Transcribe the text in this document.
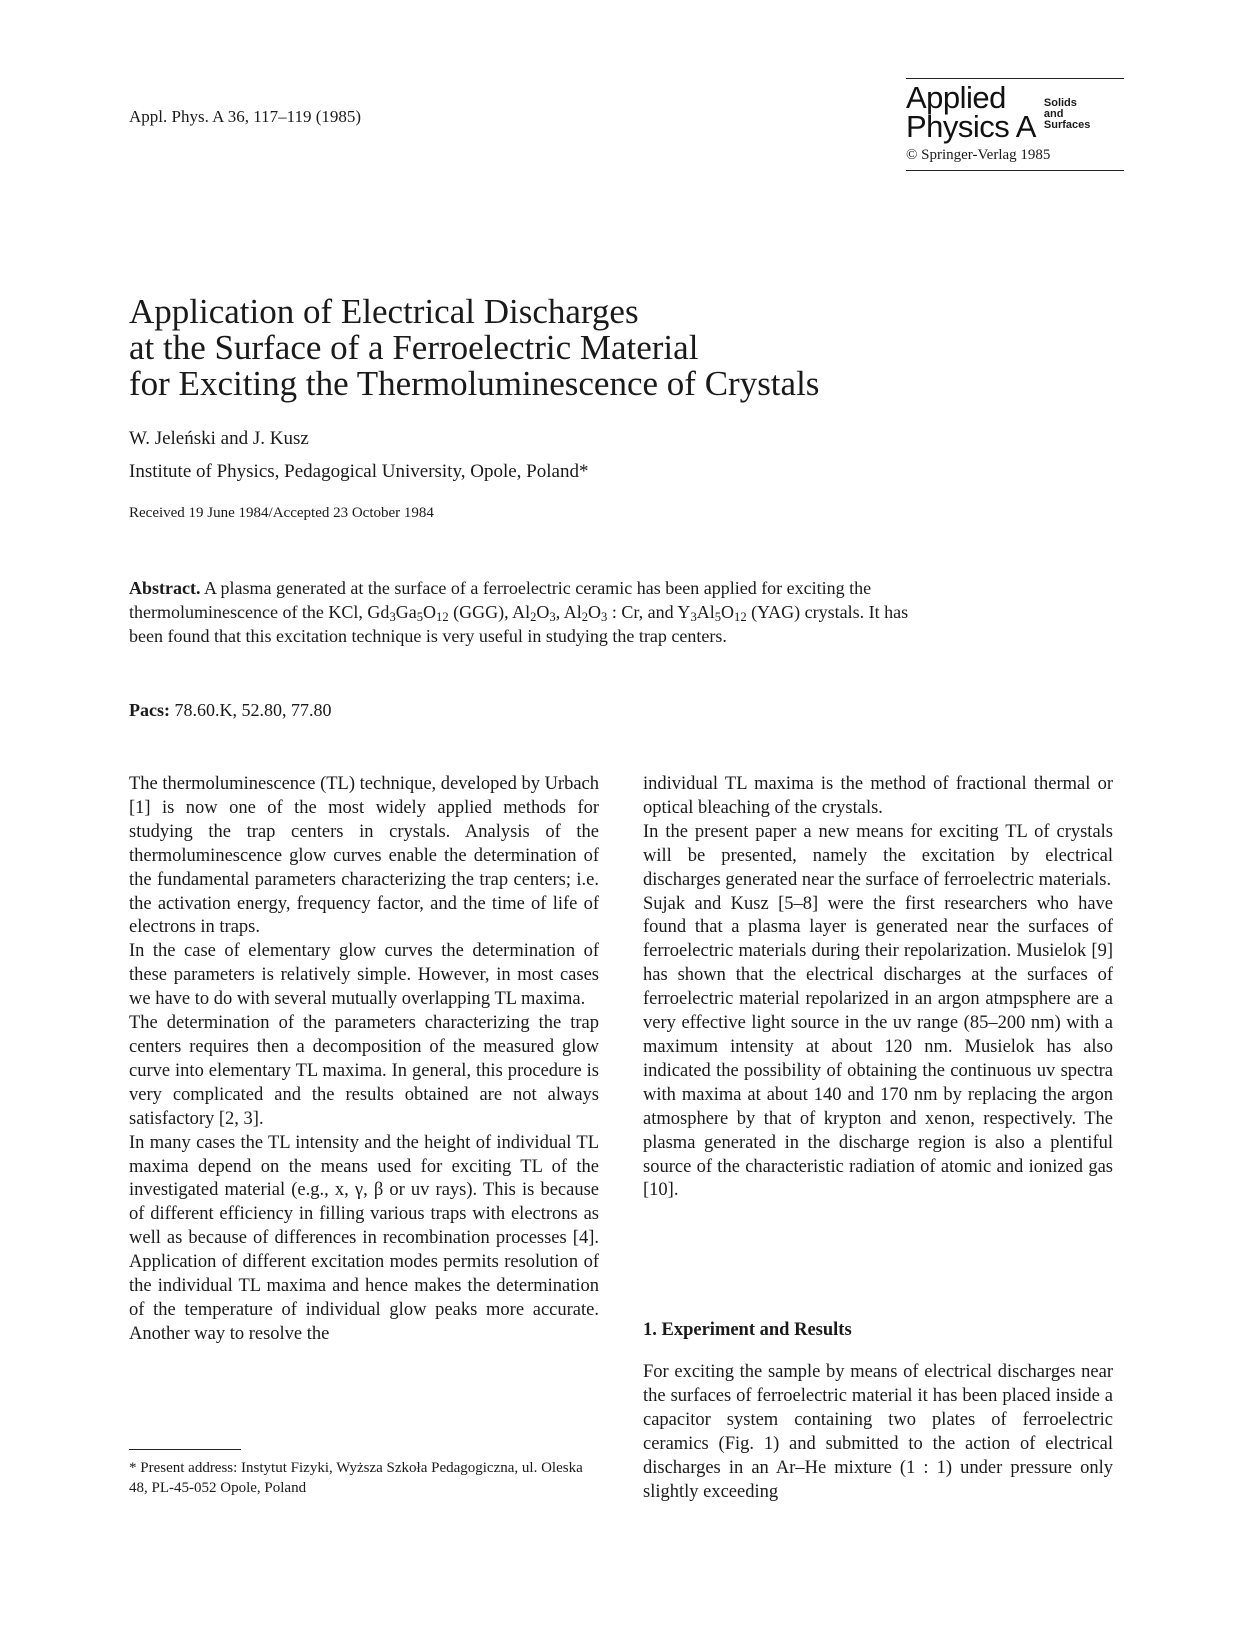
Appl. Phys. A 36, 117–119 (1985)
Applied
Physics A
Solids
and
Surfaces
© Springer-Verlag 1985
Application of Electrical Discharges
at the Surface of a Ferroelectric Material
for Exciting the Thermoluminescence of Crystals
W. Jeleński and J. Kusz
Institute of Physics, Pedagogical University, Opole, Poland*
Received 19 June 1984/Accepted 23 October 1984
Abstract. A plasma generated at the surface of a ferroelectric ceramic has been applied for exciting the thermoluminescence of the KCl, $Gd_3Ga_5O_{12}$ (GGG), $Al_2O_3$, $Al_2O_3$ : Cr, and $Y_3Al_5O_{12}$ (YAG) crystals. It has been found that this excitation technique is very useful in studying the trap centers.
Pacs: 78.60.K, 52.80, 77.80

The thermoluminescence (TL) technique, developed by Urbach [1] is now one of the most widely applied methods for studying the trap centers in crystals. Analysis of the thermoluminescence glow curves enable the determination of the fundamental parameters characterizing the trap centers; i.e. the activation energy, frequency factor, and the time of life of electrons in traps.

In the case of elementary glow curves the determination of these parameters is relatively simple. However, in most cases we have to do with several mutually overlapping TL maxima.

The determination of the parameters characterizing the trap centers requires then a decomposition of the measured glow curve into elementary TL maxima. In general, this procedure is very complicated and the results obtained are not always satisfactory [2, 3].

In many cases the TL intensity and the height of individual TL maxima depend on the means used for exciting TL of the investigated material (e.g., x, γ, β or uv rays). This is because of different efficiency in filling various traps with electrons as well as because of differences in recombination processes [4]. Application of different excitation modes permits resolution of the individual TL maxima and hence makes the determination of the temperature of individual glow peaks more accurate. Another way to resolve the

individual TL maxima is the method of fractional thermal or optical bleaching of the crystals.

In the present paper a new means for exciting TL of crystals will be presented, namely the excitation by electrical discharges generated near the surface of ferroelectric materials.

Sujak and Kusz [5–8] were the first researchers who have found that a plasma layer is generated near the surfaces of ferroelectric materials during their repolarization. Musielok [9] has shown that the electrical discharges at the surfaces of ferroelectric material repolarized in an argon atmpsphere are a very effective light source in the uv range (85–200 nm) with a maximum intensity at about 120 nm. Musielok has also indicated the possibility of obtaining the continuous uv spectra with maxima at about 140 and 170 nm by replacing the argon atmosphere by that of krypton and xenon, respectively. The plasma generated in the discharge region is also a plentiful source of the characteristic radiation of atomic and ionized gas [10].

1. Experiment and Results
For exciting the sample by means of electrical discharges near the surfaces of ferroelectric material it has been placed inside a capacitor system containing two plates of ferroelectric ceramics (Fig. 1) and submitted to the action of electrical discharges in an Ar–He mixture (1 : 1) under pressure only slightly exceeding
* Present address: Instytut Fizyki, Wyższa Szkoła Pedagogiczna, ul. Oleska 48, PL-45-052 Opole, Poland
